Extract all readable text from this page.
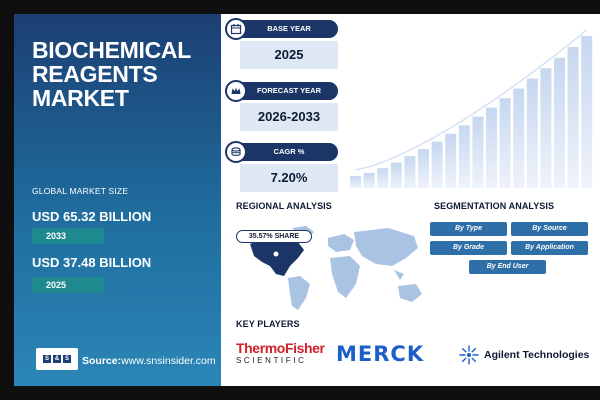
BIOCHEMICAL
REAGENTS
MARKET
GLOBAL MARKET SIZE
USD 65.32 BILLION
2033
USD 37.48 BILLION
2025
S & S Source:www.snsinsider.com
BASE YEAR
2025
FORECAST YEAR
2026-2033
CAGR %
7.20%
REGIONAL ANALYSIS
35.57% SHARE
SEGMENTATION ANALYSIS
By Type	By Source
By Grade	By Application
By End User
KEY PLAYERS
ThermoFisher
SCIENTIFIC	MERCK	Agilent Technologies
